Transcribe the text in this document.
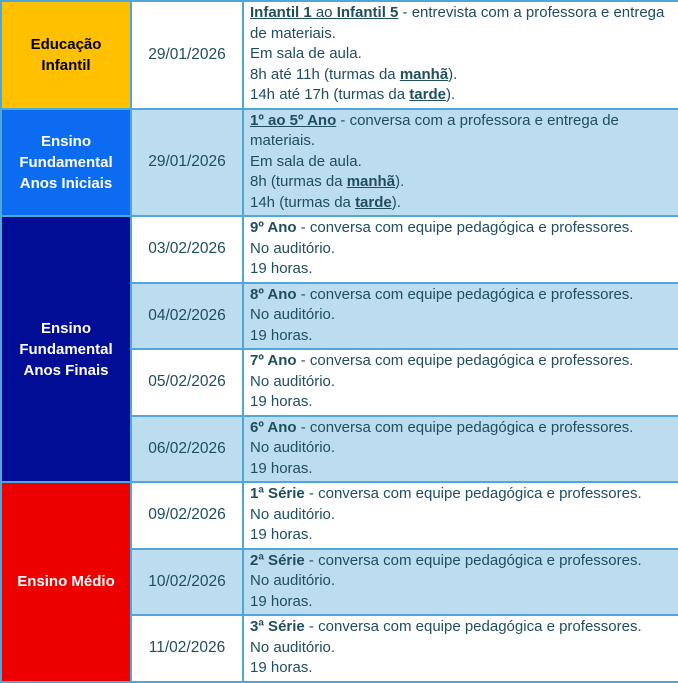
Educação Infantil	29/01/2026	Infantil 1 ao Infantil 5 - entrevista com a professora e entrega de materiais.
Em sala de aula.
8h até 11h (turmas da manhã).
14h até 17h (turmas da tarde).

Ensino Fundamental Anos Iniciais	29/01/2026	1º ao 5º Ano - conversa com a professora e entrega de materiais.
Em sala de aula.
8h (turmas da manhã).
14h (turmas da tarde).

Ensino Fundamental Anos Finais	03/02/2026	9º Ano - conversa com equipe pedagógica e professores.
No auditório.
19 horas.

	04/02/2026	8º Ano - conversa com equipe pedagógica e professores.
No auditório.
19 horas.

	05/02/2026	7º Ano - conversa com equipe pedagógica e professores.
No auditório.
19 horas.

	06/02/2026	6º Ano - conversa com equipe pedagógica e professores.
No auditório.
19 horas.

Ensino Médio	09/02/2026	1ª Série - conversa com equipe pedagógica e professores.
No auditório.
19 horas.

	10/02/2026	2ª Série - conversa com equipe pedagógica e professores.
No auditório.
19 horas.

	11/02/2026	3ª Série - conversa com equipe pedagógica e professores.
No auditório.
19 horas.
